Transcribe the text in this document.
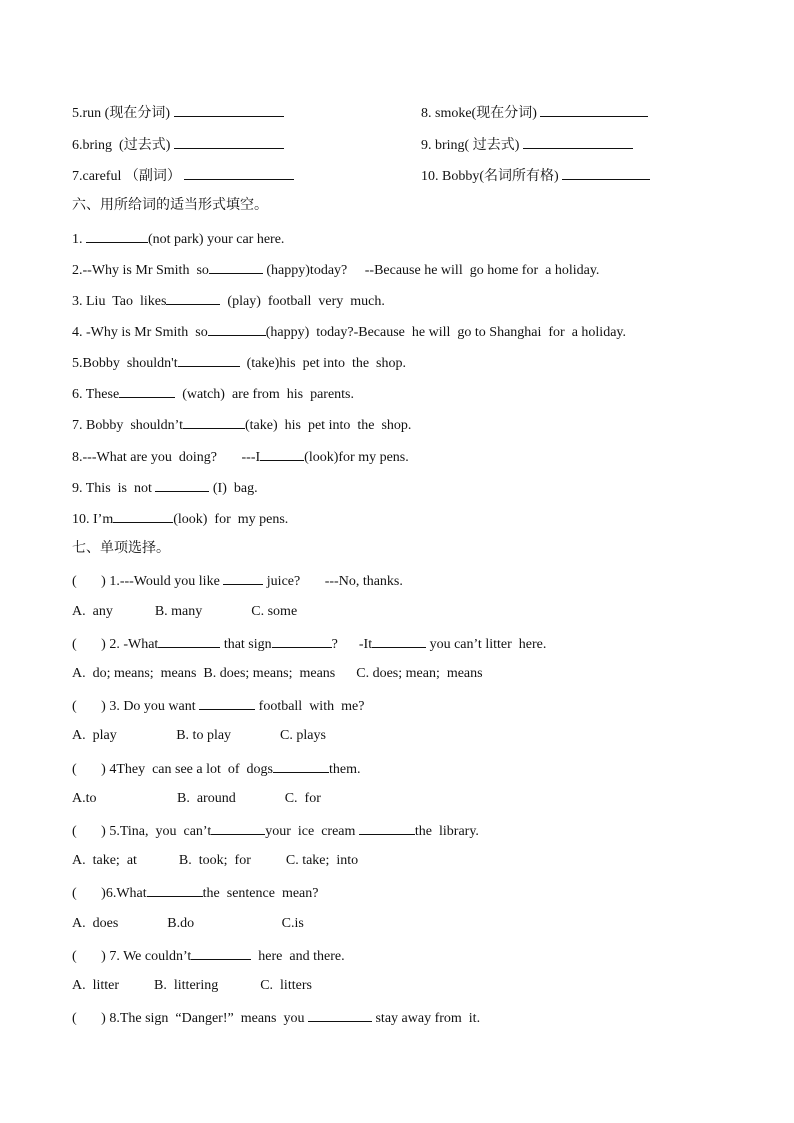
5.run (现在分词)	8. smoke(现在分词)
6.bring  (过去式)	9. bring( 过去式)
7.careful （副词）	10. Bobby(名词所有格)
六、用所给词的适当形式填空。
1.	(not park) your car here.
2.--Why is Mr Smith  so	(happy)today?     --Because he will  go home for  a holiday.
3. Liu  Tao  likes	(play)  football  very  much.
4. -Why is Mr Smith  so	(happy)  today?-Because  he will  go to Shanghai  for  a holiday.
5.Bobby  shouldn't	(take)his  pet into  the  shop.
6. These	(watch)  are from  his  parents.
7. Bobby  shouldn’t	(take)  his  pet into  the  shop.
8.---What are you  doing?       ---I	(look)for my pens.
9. This  is  not	(I)  bag.
10. I’m	(look)  for  my pens.
七、单项选择。
(       ) 1.---Would you like	juice?       ---No, thanks.
A.  any            B. many              C. some
(       ) 2. -What	that sign	?      -It	you can’t litter  here.
A.  do; means;  means  B. does; means;  means      C. does; mean;  means
(       ) 3. Do you want	football  with  me?
A.  play                 B. to play              C. plays
(       ) 4They  can see a lot  of  dogs	them.
A.to                       B.  around              C.  for
(       ) 5.Tina,  you  can’t	your  ice  cream	the  library.
A.  take;  at            B.  took;  for          C. take;  into
(       )6.What	the  sentence  mean?
A.  does              B.do                         C.is
(       ) 7. We couldn’t	here  and there.
A.  litter          B.  littering            C.  litters
(       ) 8.The sign  “Danger!”  means  you	stay away from  it.
